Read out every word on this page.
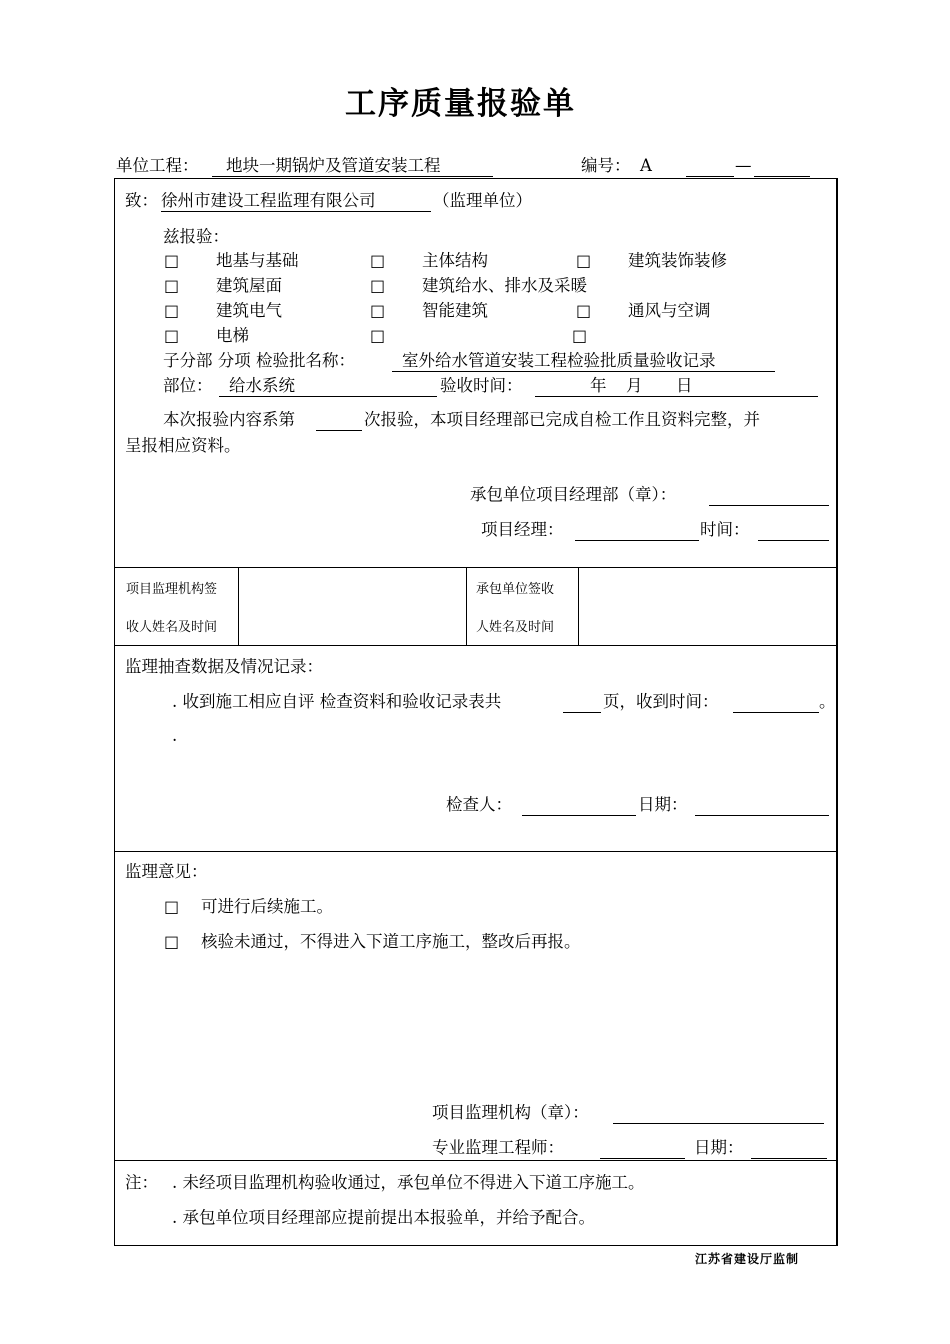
工序质量报验单
单位工程：	地块一期锅炉及管道安装工程	编号： A	—
致： 徐州市建设工程监理有限公司	（监理单位）
兹报验：
□ 地基与基础	□ 主体结构	□ 建筑装饰装修
□ 建筑屋面	□ 建筑给水、排水及采暖
□ 建筑电气	□ 智能建筑	□ 通风与空调
□ 电梯	□	□
子分部 分项 检验批名称：	室外给水管道安装工程检验批质量验收记录
部位：	给水系统	验收时间：	年 月 日
本次报验内容系第	次报验，本项目经理部已完成自检工作且资料完整，并
呈报相应资料。
承包单位项目经理部（章）：
项目经理：	时间：
项目监理机构签
收人姓名及时间
承包单位签收
人姓名及时间
监理抽查数据及情况记录：
. 收到施工相应自评 检查资料和验收记录表共	页，收到时间：	。
.
检查人：	日期：
监理意见：
□ 可进行后续施工。
□ 核验未通过，不得进入下道工序施工，整改后再报。
项目监理机构（章）：
专业监理工程师：	日期：
注： . 未经项目监理机构验收通过，承包单位不得进入下道工序施工。
. 承包单位项目经理部应提前提出本报验单，并给予配合。
江苏省建设厅监制
